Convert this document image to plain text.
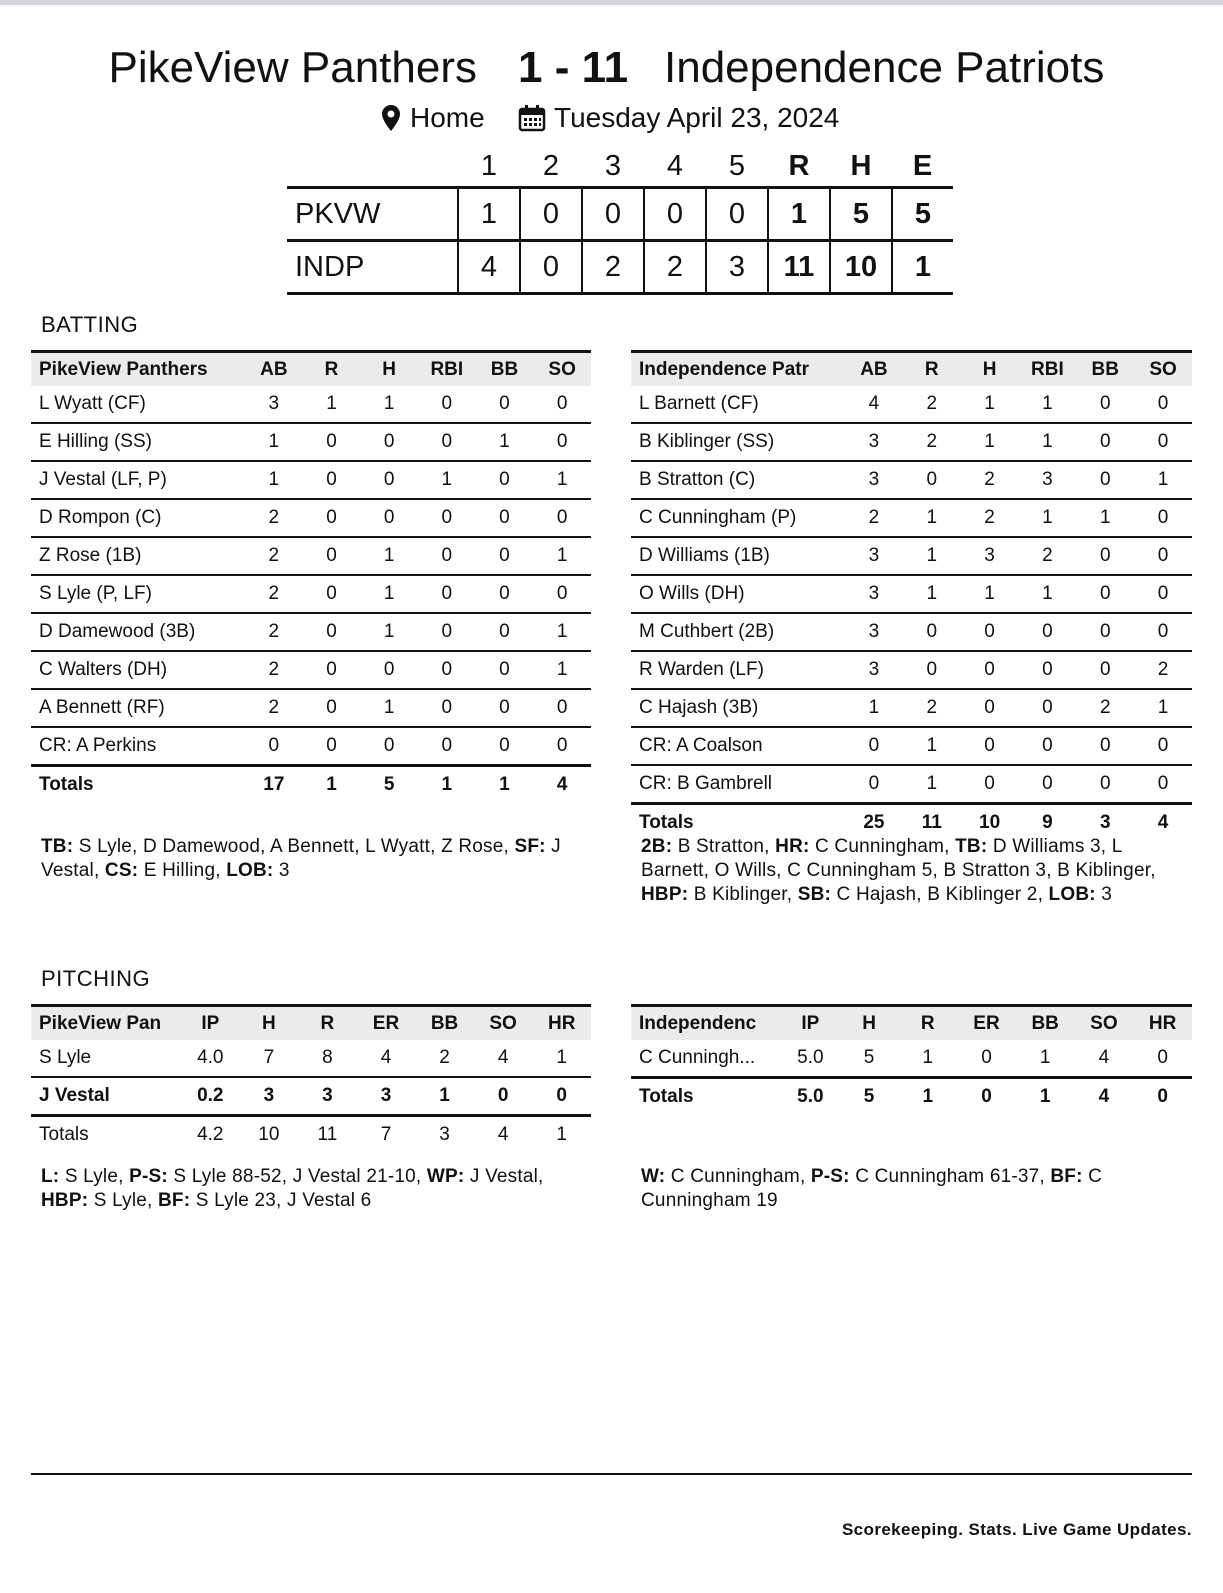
PikeView Panthers 1 - 11 Independence Patriots
Home Tuesday April 23, 2024
	1	2	3	4	5	R	H	E
PKVW	1	0	0	0	0	1	5	5
INDP	4	0	2	2	3	11	10	1
BATTING
PikeView Panthers	AB	R	H	RBI	BB	SO
L Wyatt (CF)	3	1	1	0	0	0
E Hilling (SS)	1	0	0	0	1	0
J Vestal (LF, P)	1	0	0	1	0	1
D Rompon (C)	2	0	0	0	0	0
Z Rose (1B)	2	0	1	0	0	1
S Lyle (P, LF)	2	0	1	0	0	0
D Damewood (3B)	2	0	1	0	0	1
C Walters (DH)	2	0	0	0	0	1
A Bennett (RF)	2	0	1	0	0	0
CR: A Perkins	0	0	0	0	0	0
Totals	17	1	5	1	1	4
Independence Patr	AB	R	H	RBI	BB	SO
L Barnett (CF)	4	2	1	1	0	0
B Kiblinger (SS)	3	2	1	1	0	0
B Stratton (C)	3	0	2	3	0	1
C Cunningham (P)	2	1	2	1	1	0
D Williams (1B)	3	1	3	2	0	0
O Wills (DH)	3	1	1	1	0	0
M Cuthbert (2B)	3	0	0	0	0	0
R Warden (LF)	3	0	0	0	0	2
C Hajash (3B)	1	2	0	0	2	1
CR: A Coalson	0	1	0	0	0	0
CR: B Gambrell	0	1	0	0	0	0
Totals	25	11	10	9	3	4
TB: S Lyle, D Damewood, A Bennett, L Wyatt, Z Rose, SF: J Vestal, CS: E Hilling, LOB: 3
2B: B Stratton, HR: C Cunningham, TB: D Williams 3, L Barnett, O Wills, C Cunningham 5, B Stratton 3, B Kiblinger, HBP: B Kiblinger, SB: C Hajash, B Kiblinger 2, LOB: 3
PITCHING
PikeView Pan	IP	H	R	ER	BB	SO	HR
S Lyle	4.0	7	8	4	2	4	1
J Vestal	0.2	3	3	3	1	0	0
Totals	4.2	10	11	7	3	4	1
Independenc	IP	H	R	ER	BB	SO	HR
C Cunningh...	5.0	5	1	0	1	4	0
Totals	5.0	5	1	0	1	4	0
L: S Lyle, P-S: S Lyle 88-52, J Vestal 21-10, WP: J Vestal, HBP: S Lyle, BF: S Lyle 23, J Vestal 6
W: C Cunningham, P-S: C Cunningham 61-37, BF: C Cunningham 19
Scorekeeping. Stats. Live Game Updates.
